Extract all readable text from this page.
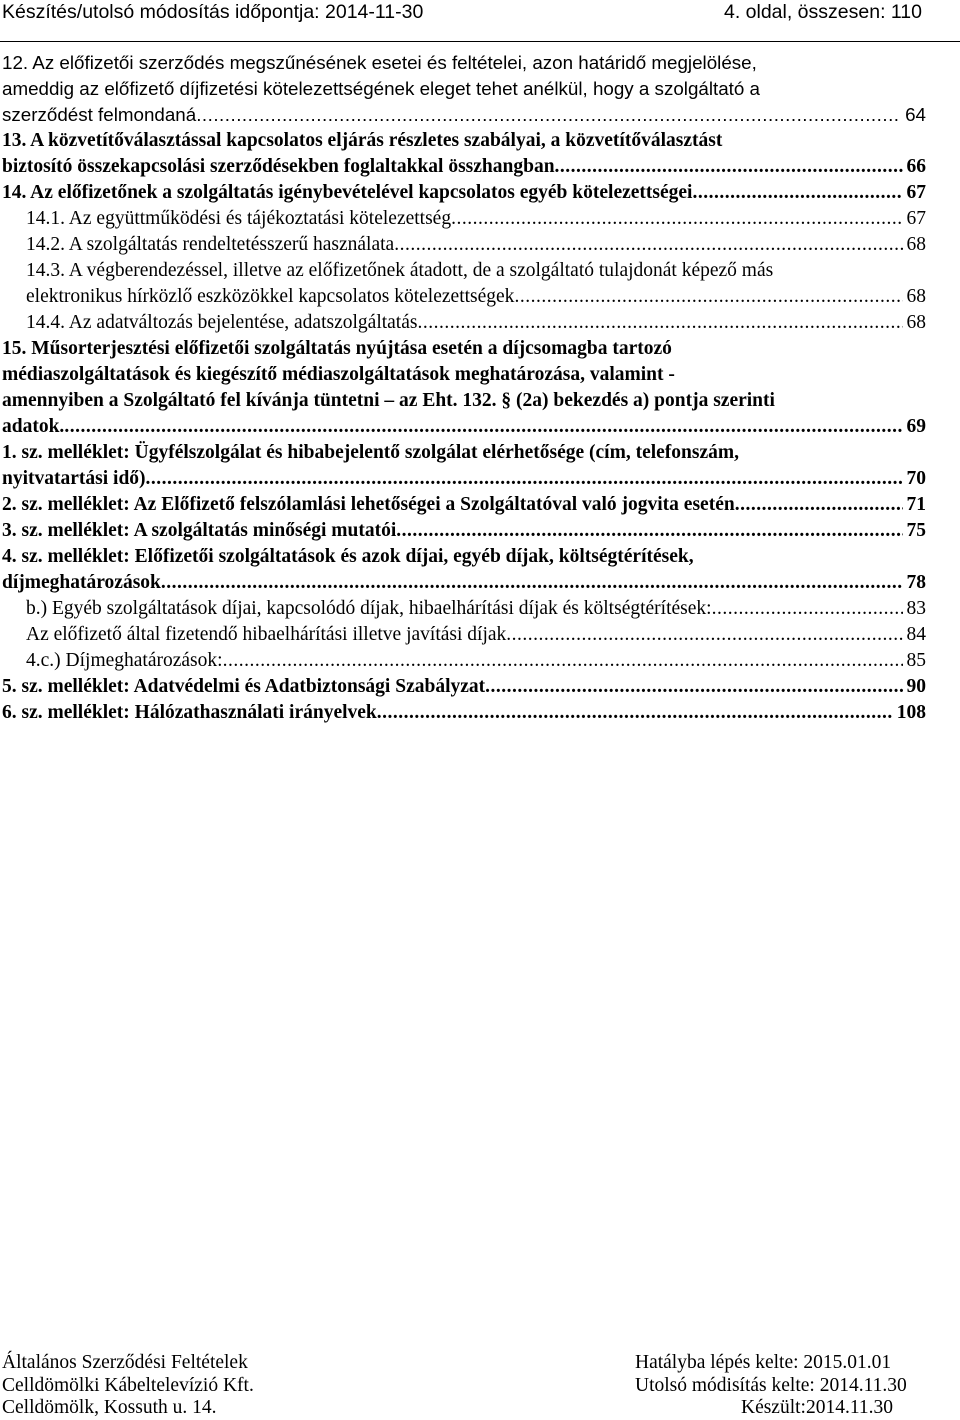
Készítés/utolsó módosítás időpontja: 2014-11-30	4. oldal, összesen: 110
12. Az előfizetői szerződés megszűnésének esetei és feltételei, azon határidő megjelölése,
ameddig az előfizető díjfizetési kötelezettségének eleget tehet anélkül, hogy a szolgáltató a
szerződést felmondaná .....	64
13. A közvetítőválasztással kapcsolatos eljárás részletes szabályai, a közvetítőválasztást
biztosító összekapcsolási szerződésekben foglaltakkal összhangban .....	66
14. Az előfizetőnek a szolgáltatás igénybevételével kapcsolatos egyéb kötelezettségei .....	67
14.1. Az együttműködési és tájékoztatási kötelezettség .....	67
14.2. A szolgáltatás rendeltetésszerű használata .....	68
14.3. A végberendezéssel, illetve az előfizetőnek átadott, de a szolgáltató tulajdonát képező más
elektronikus hírközlő eszközökkel kapcsolatos kötelezettségek .....	68
14.4. Az adatváltozás bejelentése, adatszolgáltatás .....	68
15. Műsorterjesztési előfizetői szolgáltatás nyújtása esetén a díjcsomagba tartozó
médiaszolgáltatások és kiegészítő médiaszolgáltatások meghatározása, valamint -
amennyiben a Szolgáltató fel kívánja tüntetni – az Eht. 132. § (2a) bekezdés a) pontja szerinti
adatok. .....	69
1. sz. melléklet: Ügyfélszolgálat és hibabejelentő szolgálat elérhetősége (cím, telefonszám,
nyitvatartási idő) .....	70
2. sz. melléklet: Az Előfizető felszólamlási lehetőségei a Szolgáltatóval való jogvita esetén .....	71
3. sz. melléklet: A szolgáltatás minőségi mutatói .....	75
4. sz. melléklet: Előfizetői szolgáltatások és azok díjai, egyéb díjak, költségtérítések,
díjmeghatározások .....	78
b.) Egyéb szolgáltatások díjai, kapcsolódó díjak, hibaelhárítási díjak és költségtérítések: .....	83
Az előfizető által fizetendő hibaelhárítási illetve javítási díjak .....	84
4.c.) Díjmeghatározások: .....	85
5. sz. melléklet: Adatvédelmi és Adatbiztonsági Szabályzat .....	90
6. sz. melléklet: Hálózathasználati irányelvek .....	108
Általános Szerződési Feltételek
Celldömölki Kábeltelevízió Kft.
Celldömölk, Kossuth u. 14.
Hatályba lépés kelte: 2015.01.01
Utolsó módisítás kelte: 2014.11.30
Készült:2014.11.30
